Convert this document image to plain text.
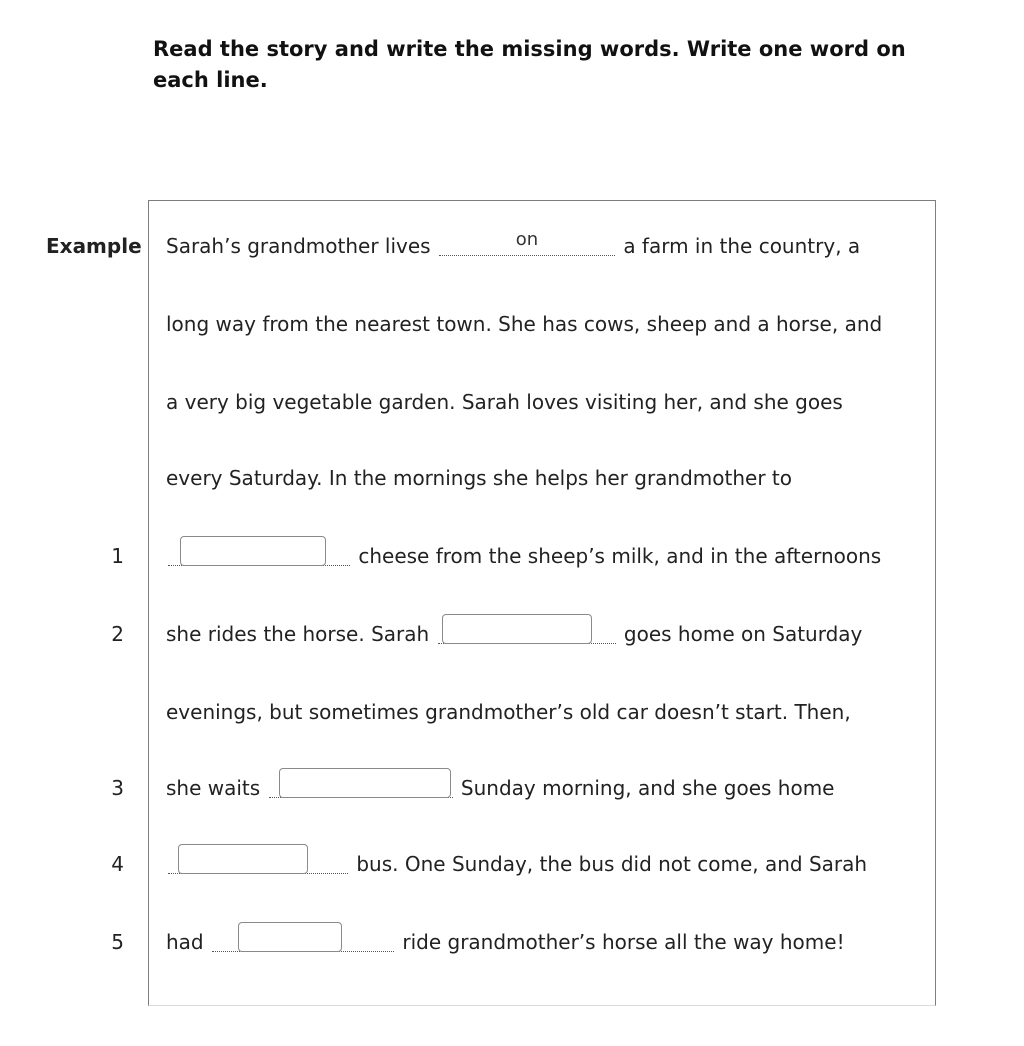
Read the story and write the missing words. Write one word on each line.

Example Sarah’s grandmother lives	on	a farm in the country, a
long way from the nearest town. She has cows, sheep and a horse, and
a very big vegetable garden. Sarah loves visiting her, and she goes
every Saturday. In the mornings she helps her grandmother to
1	cheese from the sheep’s milk, and in the afternoons
2 she rides the horse. Sarah	goes home on Saturday
evenings, but sometimes grandmother’s old car doesn’t start. Then,
3 she waits	Sunday morning, and she goes home
4	bus. One Sunday, the bus did not come, and Sarah
5 had	ride grandmother’s horse all the way home!
